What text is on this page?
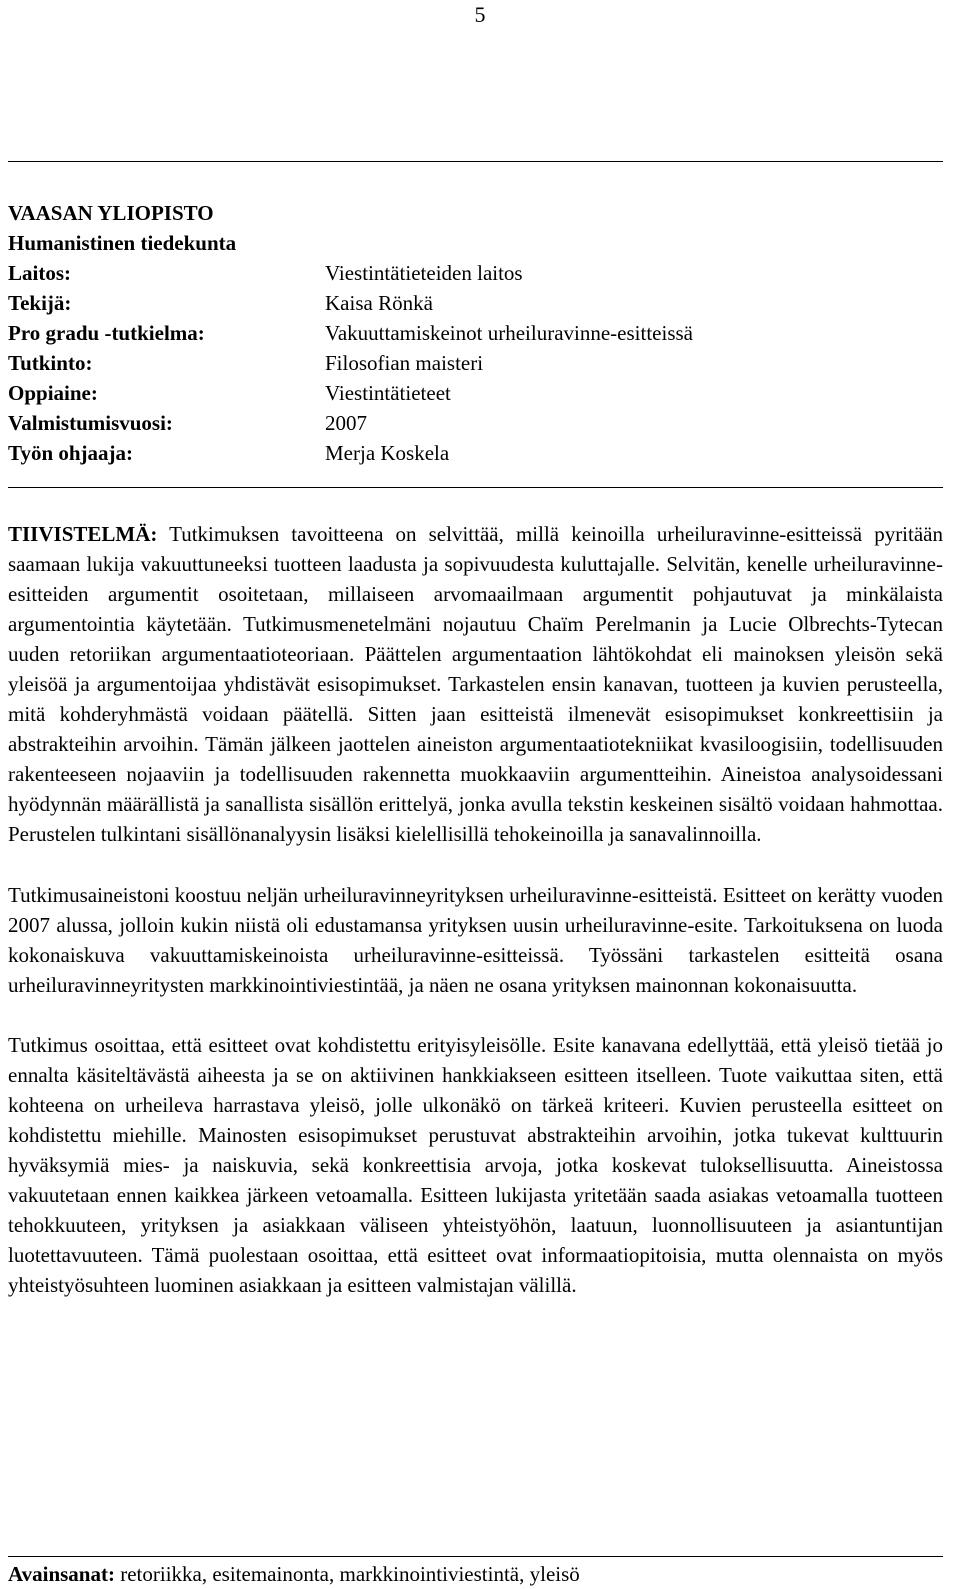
5
VAASAN YLIOPISTO
Humanistinen tiedekunta
Laitos:	Viestintätieteiden laitos
Tekijä:	Kaisa Rönkä
Pro gradu -tutkielma:	Vakuuttamiskeinot urheiluravinne-esitteissä
Tutkinto:	Filosofian maisteri
Oppiaine:	Viestintätieteet
Valmistumisvuosi:	2007
Työn ohjaaja:	Merja Koskela

TIIVISTELMÄ: Tutkimuksen tavoitteena on selvittää, millä keinoilla urheiluravinne-esitteissä pyritään saamaan lukija vakuuttuneeksi tuotteen laadusta ja sopivuudesta kuluttajalle. Selvitän, kenelle urheiluravinne-esitteiden argumentit osoitetaan, millaiseen arvomaailmaan argumentit pohjautuvat ja minkälaista argumentointia käytetään. Tutkimusmenetelmäni nojautuu Chaïm Perelmanin ja Lucie Olbrechts-Tytecan uuden retoriikan argumentaatioteoriaan. Päättelen argumentaation lähtökohdat eli mainoksen yleisön sekä yleisöä ja argumentoijaa yhdistävät esisopimukset. Tarkastelen ensin kanavan, tuotteen ja kuvien perusteella, mitä kohderyhmästä voidaan päätellä. Sitten jaan esitteistä ilmenevät esisopimukset konkreettisiin ja abstrakteihin arvoihin. Tämän jälkeen jaottelen aineiston argumentaatiotekniikat kvasiloogisiin, todellisuuden rakenteeseen nojaaviin ja todellisuuden rakennetta muokkaaviin argumentteihin. Aineistoa analysoidessani hyödynnän määrällistä ja sanallista sisällön erittelyä, jonka avulla tekstin keskeinen sisältö voidaan hahmottaa. Perustelen tulkintani sisällönanalyysin lisäksi kielellisillä tehokeinoilla ja sanavalinnoilla.

Tutkimusaineistoni koostuu neljän urheiluravinneyrityksen urheiluravinne-esitteistä. Esitteet on kerätty vuoden 2007 alussa, jolloin kukin niistä oli edustamansa yrityksen uusin urheiluravinne-esite. Tarkoituksena on luoda kokonaiskuva vakuuttamiskeinoista urheiluravinne-esitteissä. Työssäni tarkastelen esitteitä osana urheiluravinneyritysten markkinointiviestintää, ja näen ne osana yrityksen mainonnan kokonaisuutta.

Tutkimus osoittaa, että esitteet ovat kohdistettu erityisyleisölle. Esite kanavana edellyttää, että yleisö tietää jo ennalta käsiteltävästä aiheesta ja se on aktiivinen hankkiakseen esitteen itselleen. Tuote vaikuttaa siten, että kohteena on urheileva harrastava yleisö, jolle ulkonäkö on tärkeä kriteeri. Kuvien perusteella esitteet on kohdistettu miehille. Mainosten esisopimukset perustuvat abstrakteihin arvoihin, jotka tukevat kulttuurin hyväksymiä mies- ja naiskuvia, sekä konkreettisia arvoja, jotka koskevat tuloksellisuutta. Aineistossa vakuutetaan ennen kaikkea järkeen vetoamalla. Esitteen lukijasta yritetään saada asiakas vetoamalla tuotteen tehokkuuteen, yrityksen ja asiakkaan väliseen yhteistyöhön, laatuun, luonnollisuuteen ja asiantuntijan luotettavuuteen. Tämä puolestaan osoittaa, että esitteet ovat informaatiopitoisia, mutta olennaista on myös yhteistyösuhteen luominen asiakkaan ja esitteen valmistajan välillä.

Avainsanat: retoriikka, esitemainonta, markkinointiviestintä, yleisö
